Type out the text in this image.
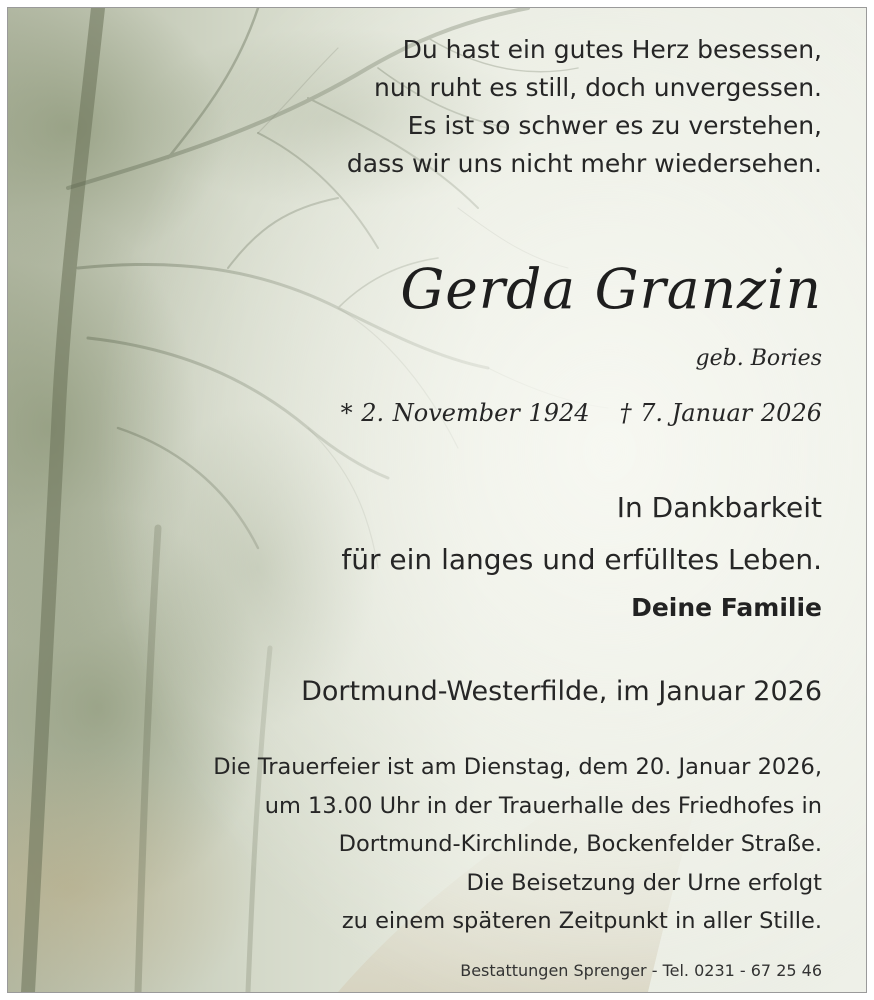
Du hast ein gutes Herz besessen,
nun ruht es still, doch unvergessen.
Es ist so schwer es zu verstehen,
dass wir uns nicht mehr wiedersehen.

Gerda Granzin

geb. Bories

* 2. November 1924 † 7. Januar 2026

In Dankbarkeit
für ein langes und erfülltes Leben.

Deine Familie

Dortmund-Westerfilde, im Januar 2026

Die Trauerfeier ist am Dienstag, dem 20. Januar 2026,
um 13.00 Uhr in der Trauerhalle des Friedhofes in
Dortmund-Kirchlinde, Bockenfelder Straße.
Die Beisetzung der Urne erfolgt
zu einem späteren Zeitpunkt in aller Stille.

Bestattungen Sprenger - Tel. 0231 - 67 25 46
